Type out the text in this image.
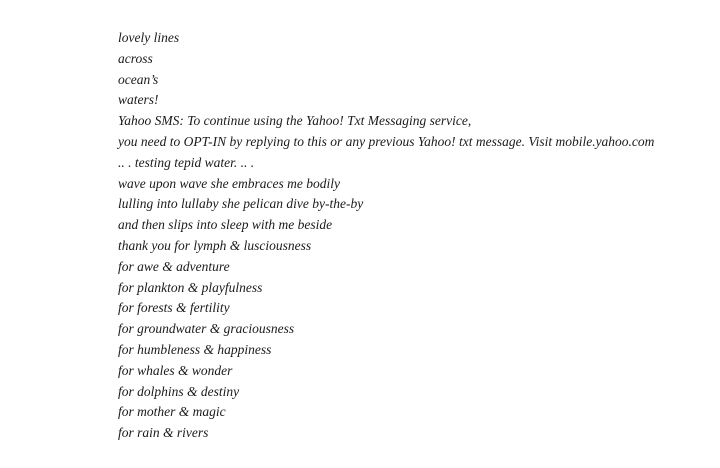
lovely lines
across
ocean’s
waters!
Yahoo SMS: To continue using the Yahoo! Txt Messaging service,
you need to OPT-IN by replying to this or any previous Yahoo! txt message. Visit mobile.yahoo.com
.. . testing tepid water. .. .
wave upon wave she embraces me bodily
lulling into lullaby she pelican dive by-the-by
and then slips into sleep with me beside
thank you for lymph & lusciousness
for awe & adventure
for plankton & playfulness
for forests & fertility
for groundwater & graciousness
for humbleness & happiness
for whales & wonder
for dolphins & destiny
for mother & magic
for rain & rivers
